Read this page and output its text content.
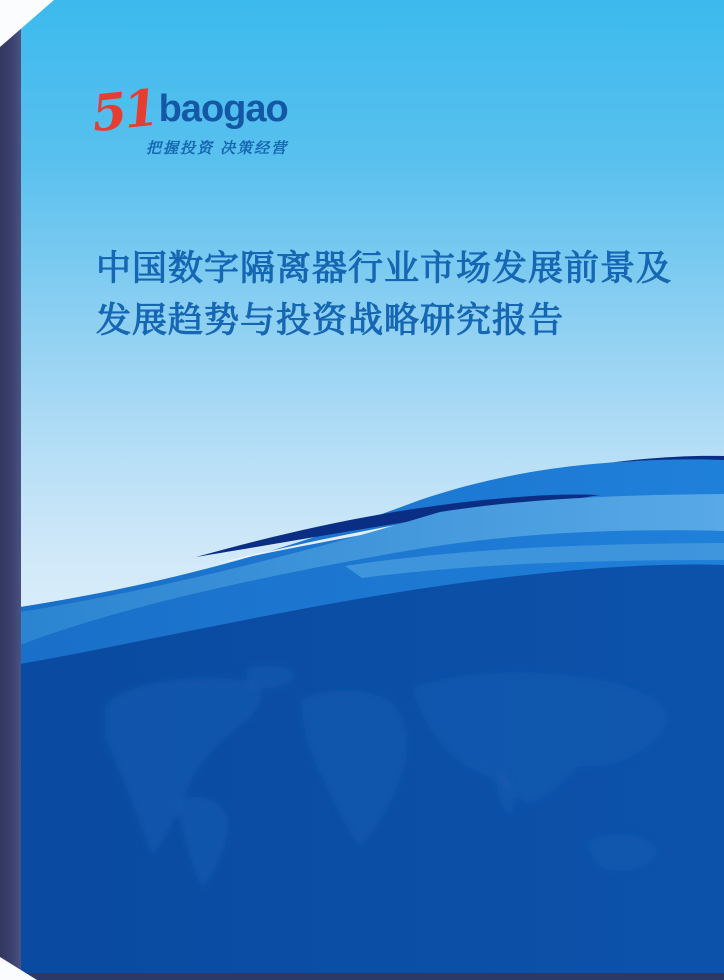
51 baogao
把握投资 决策经营
中国数字隔离器行业市场发展前景及
发展趋势与投资战略研究报告
